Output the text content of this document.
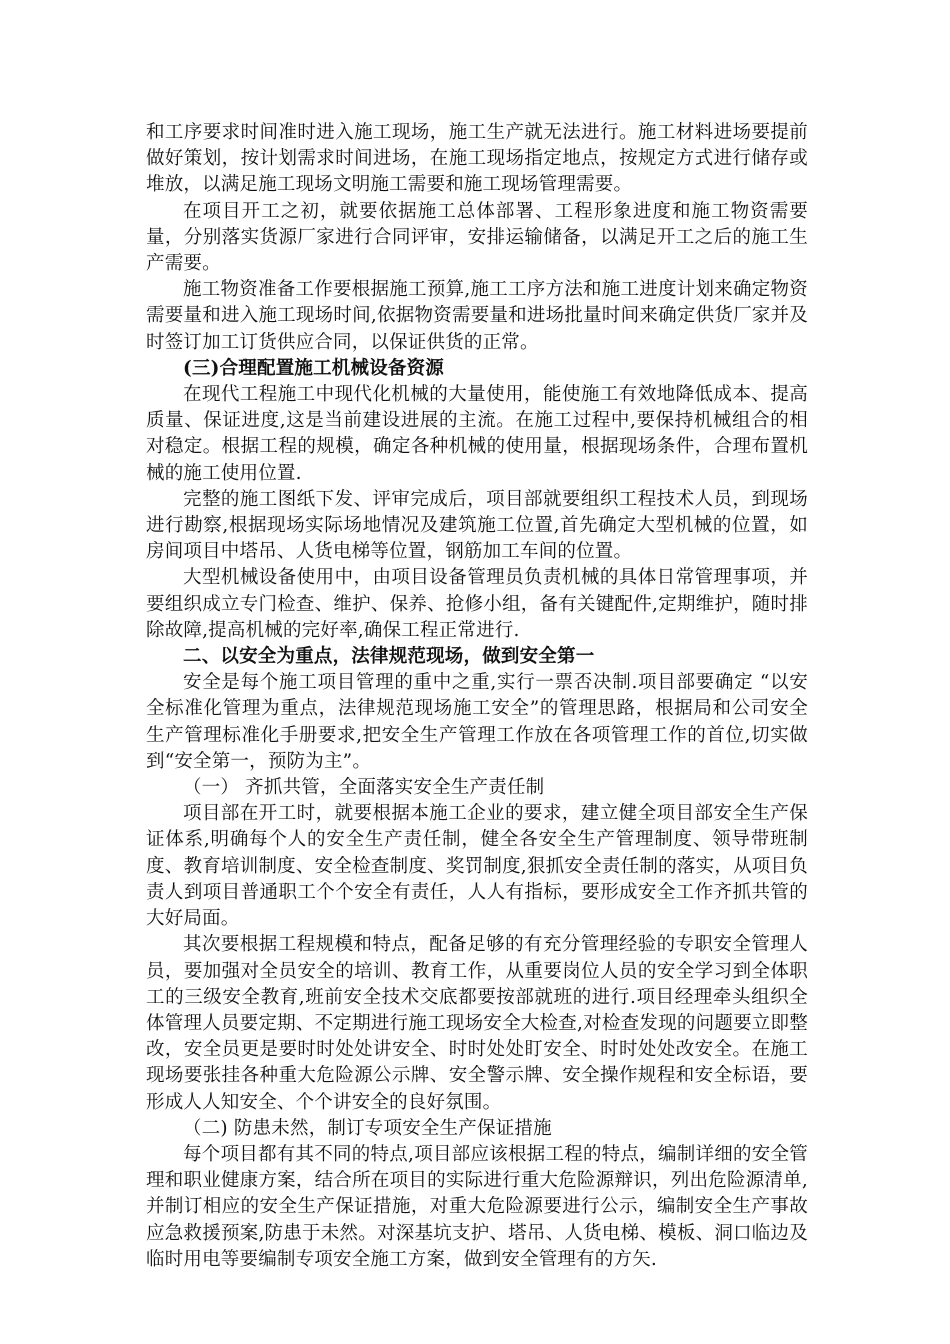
和工序要求时间准时进入施工现场，施工生产就无法进行。施工材料进场要提前做好策划，按计划需求时间进场，在施工现场指定地点，按规定方式进行储存或堆放，以满足施工现场文明施工需要和施工现场管理需要。

在项目开工之初，就要依据施工总体部署、工程形象进度和施工物资需要量，分别落实货源厂家进行合同评审，安排运输储备，以满足开工之后的施工生产需要。

施工物资准备工作要根据施工预算,施工工序方法和施工进度计划来确定物资需要量和进入施工现场时间,依据物资需要量和进场批量时间来确定供货厂家并及时签订加工订货供应合同，以保证供货的正常。

(三)合理配置施工机械设备资源

在现代工程施工中现代化机械的大量使用，能使施工有效地降低成本、提高质量、保证进度,这是当前建设进展的主流。在施工过程中,要保持机械组合的相对稳定。根据工程的规模，确定各种机械的使用量，根据现场条件，合理布置机械的施工使用位置.

完整的施工图纸下发、评审完成后，项目部就要组织工程技术人员，到现场进行勘察,根据现场实际场地情况及建筑施工位置,首先确定大型机械的位置，如房间项目中塔吊、人货电梯等位置，钢筋加工车间的位置。

大型机械设备使用中，由项目设备管理员负责机械的具体日常管理事项，并要组织成立专门检查、维护、保养、抢修小组，备有关键配件,定期维护，随时排除故障,提高机械的完好率,确保工程正常进行.

二、以安全为重点，法律规范现场，做到安全第一

安全是每个施工项目管理的重中之重,实行一票否决制.项目部要确定 “以安全标准化管理为重点，法律规范现场施工安全”的管理思路，根据局和公司安全生产管理标准化手册要求,把安全生产管理工作放在各项管理工作的首位,切实做到“安全第一，预防为主”。

（一） 齐抓共管，全面落实安全生产责任制

项目部在开工时，就要根据本施工企业的要求，建立健全项目部安全生产保证体系,明确每个人的安全生产责任制，健全各安全生产管理制度、领导带班制度、教育培训制度、安全检查制度、奖罚制度,狠抓安全责任制的落实，从项目负责人到项目普通职工个个安全有责任，人人有指标，要形成安全工作齐抓共管的大好局面。

其次要根据工程规模和特点，配备足够的有充分管理经验的专职安全管理人员，要加强对全员安全的培训、教育工作，从重要岗位人员的安全学习到全体职工的三级安全教育,班前安全技术交底都要按部就班的进行.项目经理牵头组织全体管理人员要定期、不定期进行施工现场安全大检查,对检查发现的问题要立即整改，安全员更是要时时处处讲安全、时时处处盯安全、时时处处改安全。在施工现场要张挂各种重大危险源公示牌、安全警示牌、安全操作规程和安全标语，要形成人人知安全、个个讲安全的良好氛围。

（二) 防患未然，制订专项安全生产保证措施

每个项目都有其不同的特点,项目部应该根据工程的特点，编制详细的安全管理和职业健康方案，结合所在项目的实际进行重大危险源辩识，列出危险源清单,并制订相应的安全生产保证措施，对重大危险源要进行公示，编制安全生产事故应急救援预案,防患于未然。对深基坑支护、塔吊、人货电梯、模板、洞口临边及临时用电等要编制专项安全施工方案，做到安全管理有的方矢.
